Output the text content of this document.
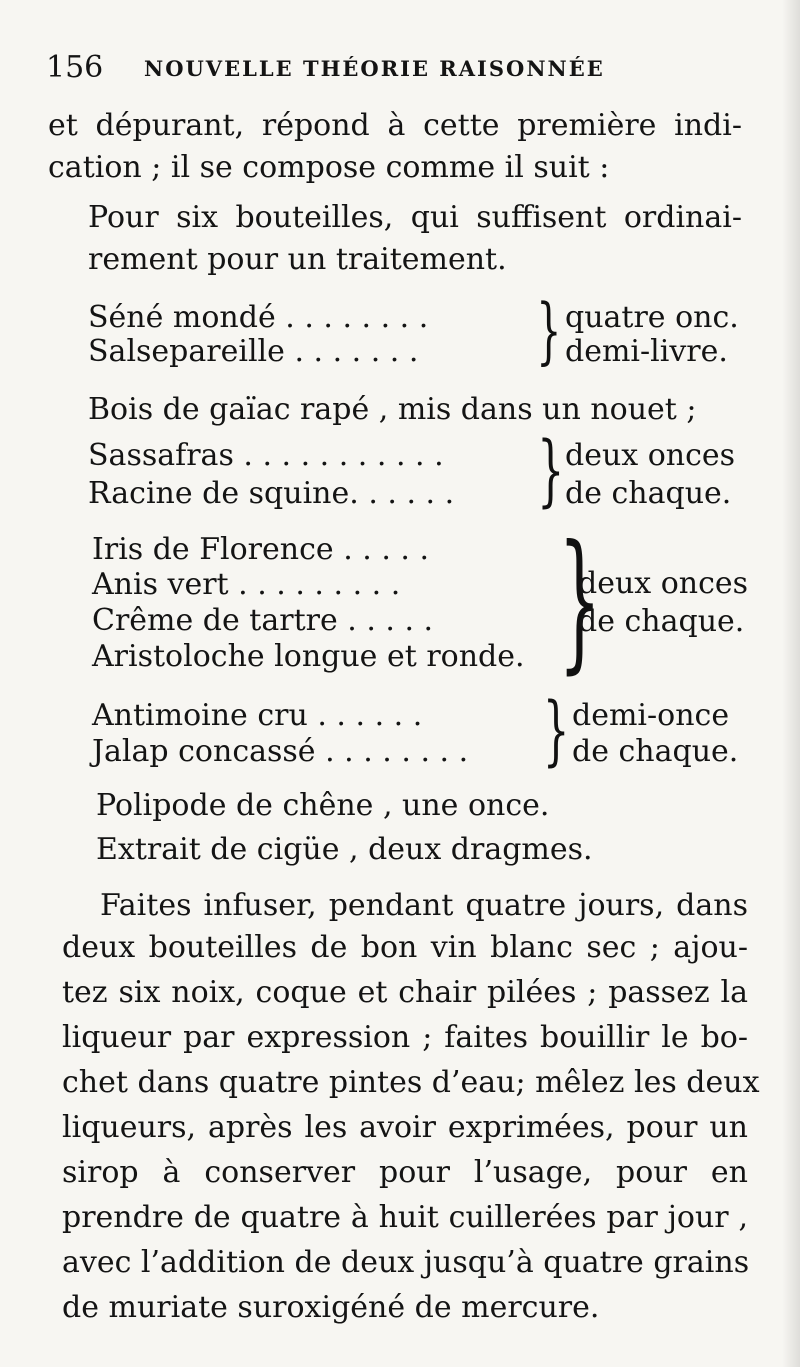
156 NOUVELLE THÉORIE RAISONNÉE
et dépurant, répond à cette première indi-
cation ; il se compose comme il suit :
Pour six bouteilles, qui suffisent ordinai-
rement pour un traitement.
Séné mondé . . . . . . . .
Salsepareille . . . . . . . } quatre onc.
demi-livre.
Bois de gaïac rapé , mis dans un nouet ;
Sassafras . . . . . . . . . . .
Racine de squine. . . . . . } deux onces
de chaque.
Iris de Florence . . . . .
Anis vert . . . . . . . . .
Crême de tartre . . . . .
Aristoloche longue et ronde. }
deux onces
de chaque.
Antimoine cru . . . . . .
Jalap concassé . . . . . . . . } demi-once
de chaque.
Polipode de chêne , une once.
Extrait de cigüe , deux dragmes.
Faites infuser, pendant quatre jours, dans
deux bouteilles de bon vin blanc sec ; ajou-
tez six noix, coque et chair pilées ; passez la
liqueur par expression ; faites bouillir le bo-
chet dans quatre pintes d’eau; mêlez les deux
liqueurs, après les avoir exprimées, pour un
sirop à conserver pour l’usage, pour en
prendre de quatre à huit cuillerées par jour ,
avec l’addition de deux jusqu’à quatre grains
de muriate suroxigéné de mercure.
